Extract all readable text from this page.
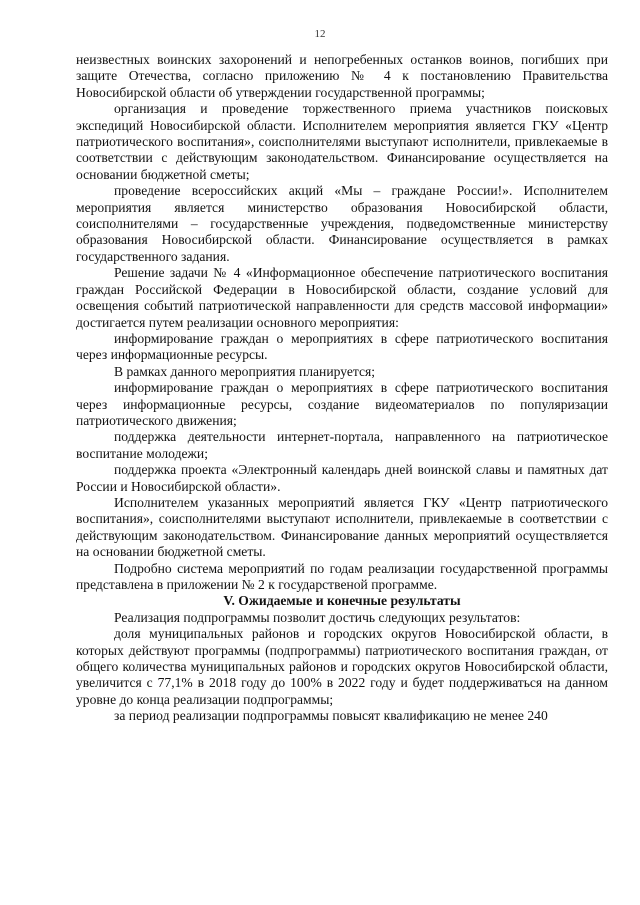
12

неизвестных воинских захоронений и непогребенных останков воинов, погибших при защите Отечества, согласно приложению № 4 к постановлению Правительства Новосибирской области об утверждении государственной программы;

организация и проведение торжественного приема участников поисковых экспедиций Новосибирской области. Исполнителем мероприятия является ГКУ «Центр патриотического воспитания», соисполнителями выступают исполнители, привлекаемые в соответствии с действующим законодательством. Финансирование осуществляется на основании бюджетной сметы;

проведение всероссийских акций «Мы – граждане России!». Исполнителем мероприятия является министерство образования Новосибирской области, соисполнителями – государственные учреждения, подведомственные министерству образования Новосибирской области. Финансирование осуществляется в рамках государственного задания.

Решение задачи № 4 «Информационное обеспечение патриотического воспитания граждан Российской Федерации в Новосибирской области, создание условий для освещения событий патриотической направленности для средств массовой информации» достигается путем реализации основного мероприятия:

информирование граждан о мероприятиях в сфере патриотического воспитания через информационные ресурсы.

В рамках данного мероприятия планируется;

информирование граждан о мероприятиях в сфере патриотического воспитания через информационные ресурсы, создание видеоматериалов по популяризации патриотического движения;

поддержка деятельности интернет-портала, направленного на патриотическое воспитание молодежи;

поддержка проекта «Электронный календарь дней воинской славы и памятных дат России и Новосибирской области».

Исполнителем указанных мероприятий является ГКУ «Центр патриотического воспитания», соисполнителями выступают исполнители, привлекаемые в соответствии с действующим законодательством. Финансирование данных мероприятий осуществляется на основании бюджетной сметы.

Подробно система мероприятий по годам реализации государственной программы представлена в приложении № 2 к государственой программе.

V. Ожидаемые и конечные результаты

Реализация подпрограммы позволит достичь следующих результатов:

доля муниципальных районов и городских округов Новосибирской области, в которых действуют программы (подпрограммы) патриотического воспитания граждан, от общего количества муниципальных районов и городских округов Новосибирской области, увеличится с 77,1% в 2018 году до 100% в 2022 году и будет поддерживаться на данном уровне до конца реализации подпрограммы;

за период реализации подпрограммы повысят квалификацию не менее 240
